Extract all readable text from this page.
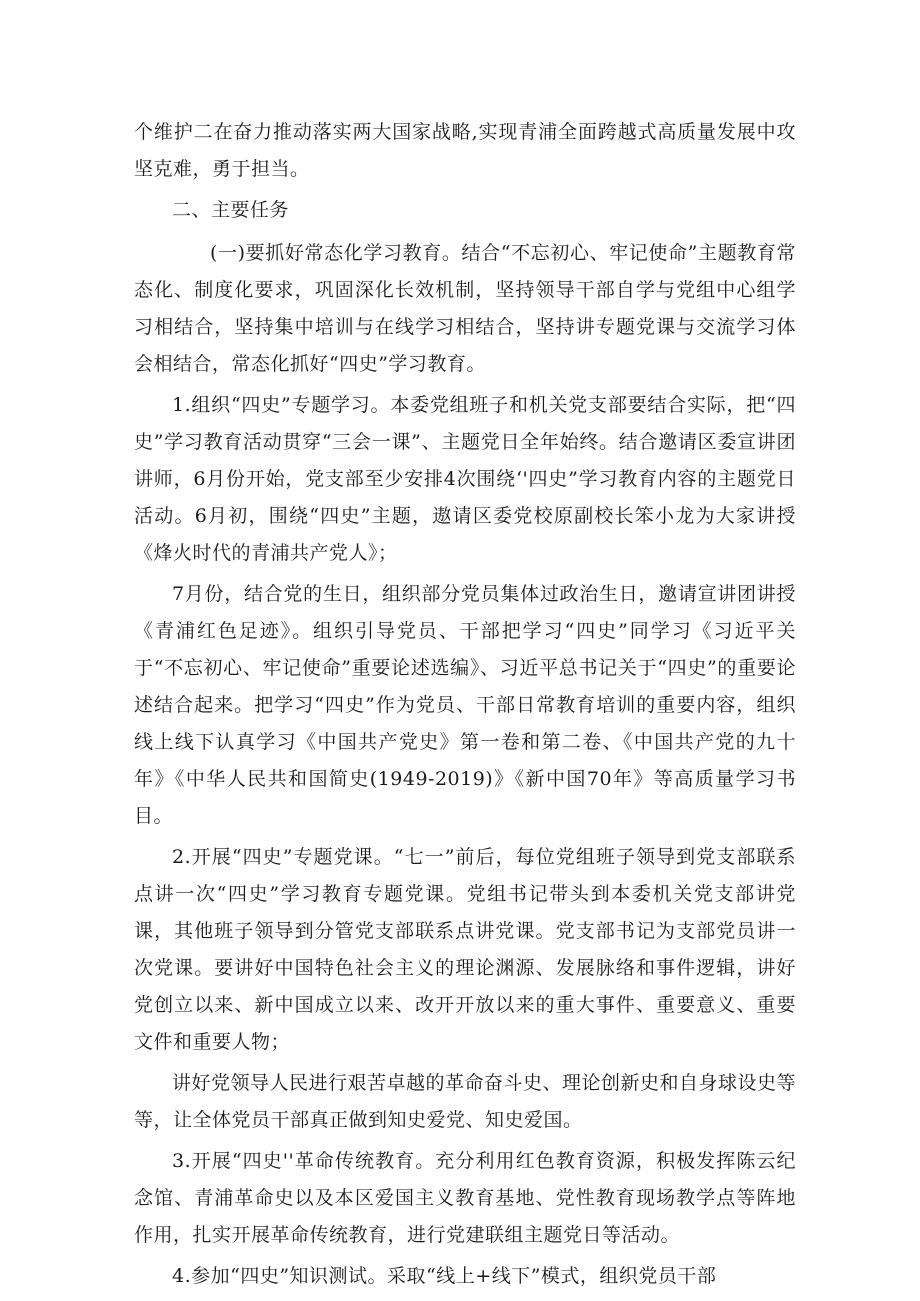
个维护二在奋力推动落实两大国家战略,实现青浦全面跨越式高质量发展中攻坚克难，勇于担当。

二、主要任务

(一)要抓好常态化学习教育。结合“不忘初心、牢记使命”主题教育常态化、制度化要求，巩固深化长效机制，坚持领导干部自学与党组中心组学习相结合，坚持集中培训与在线学习相结合，坚持讲专题党课与交流学习体会相结合，常态化抓好“四史”学习教育。

1.组织“四史”专题学习。本委党组班子和机关党支部要结合实际，把“四史”学习教育活动贯穿“三会一课”、主题党日全年始终。结合邀请区委宣讲团讲师，6月份开始，党支部至少安排4次围绕‘'四史”学习教育内容的主题党日活动。6月初，围绕“四史”主题，遨请区委党校原副校长笨小龙为大家讲授《烽火时代的青浦共产党人》；

7月份，结合党的生日，组织部分党员集体过政治生日，邀请宣讲团讲授《青浦红色足迹》。组织引导党员、干部把学习“四史”同学习《习近平关于“不忘初心、牢记使命”重要论述选编》、习近平总书记关于“四史”的重要论述结合起来。把学习“四史”作为党员、干部日常教育培训的重要内容，组织线上线下认真学习《中国共产党史》第一卷和第二卷、《中国共产党的九十年》《中华人民共和国简史(1949-2019)》《新中国70年》等高质量学习书目。

2.开展“四史”专题党课。“七一”前后，每位党组班子领导到党支部联系点讲一次“四史”学习教育专题党课。党组书记带头到本委机关党支部讲党课，其他班子领导到分管党支部联系点讲党课。党支部书记为支部党员讲一次党课。要讲好中国特色社会主义的理论渊源、发展脉络和事件逻辑，讲好党创立以来、新中国成立以来、改开开放以来的重大事件、重要意义、重要文件和重要人物；

讲好党领导人民进行艰苦卓越的革命奋斗史、理论创新史和自身球设史等等，让全体党员干部真正做到知史爱党、知史爱国。

3.开展“四史''革命传统教育。充分利用红色教育资源，积极发挥陈云纪念馆、青浦革命史以及本区爱国主义教育基地、党性教育现场教学点等阵地作用，扎实开展革命传统教育，进行党建联组主题党日等活动。

4.参加“四史”知识测试。采取“线上+线下”模式，组织党员干部
